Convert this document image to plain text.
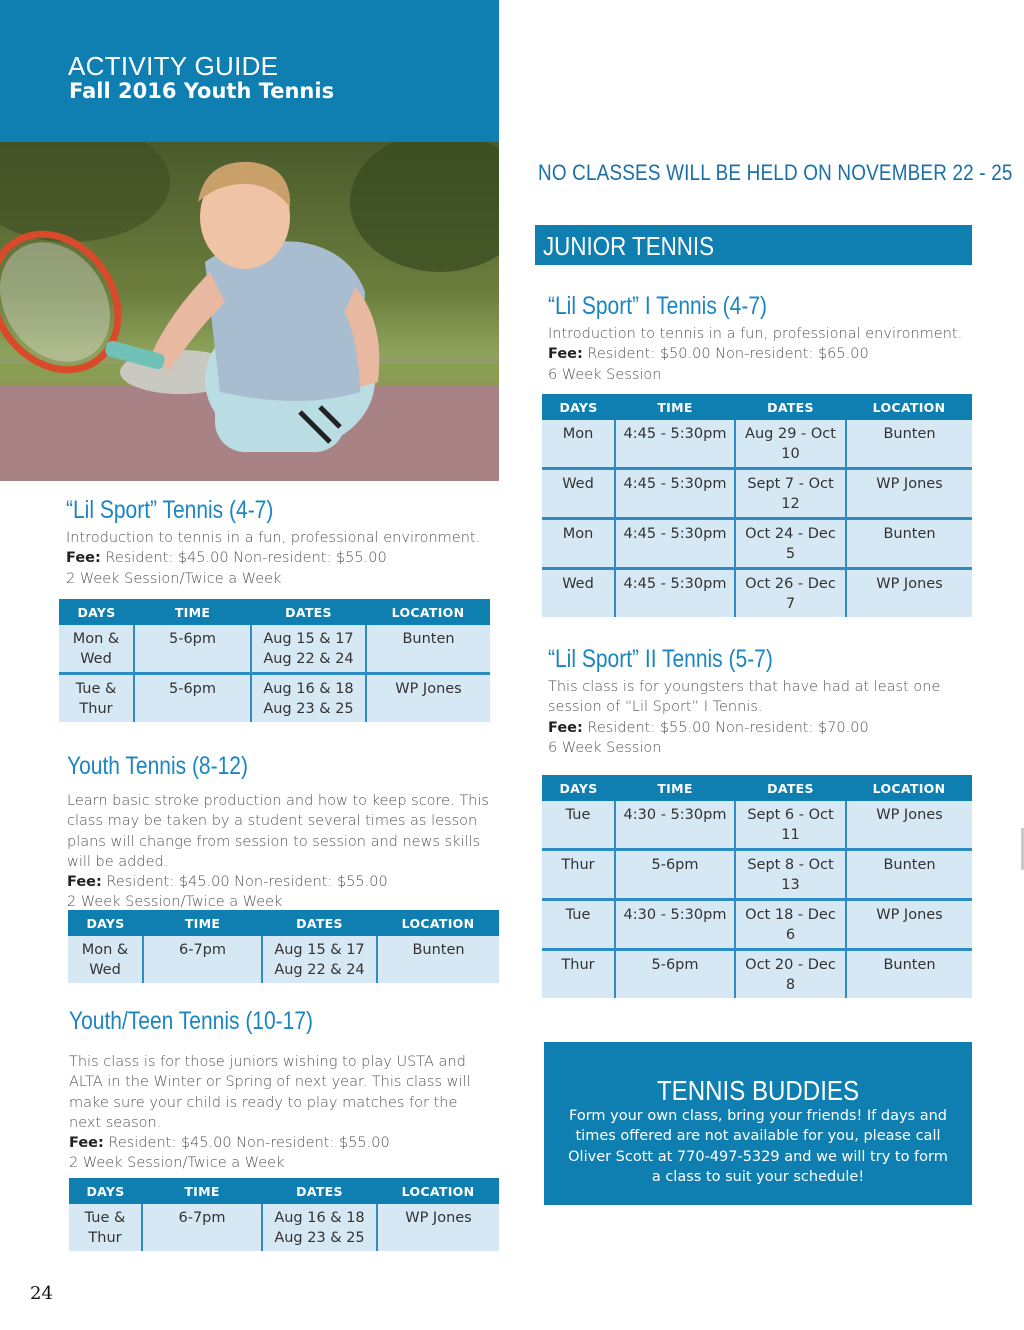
ACTIVITY GUIDE
Fall 2016 Youth Tennis
NO CLASSES WILL BE HELD ON NOVEMBER 22 - 25
JUNIOR TENNIS
“Lil Sport” Tennis (4-7)
Introduction to tennis in a fun, professional environment.
Fee: Resident: $45.00 Non-resident: $55.00
2 Week Session/Twice a Week
DAYS	TIME	DATES	LOCATION
Mon & Wed	5-6pm	Aug 15 & 17 Aug 22 & 24	Bunten
Tue & Thur	5-6pm	Aug 16 & 18 Aug 23 & 25	WP Jones
Youth Tennis (8-12)
Learn basic stroke production and how to keep score. This class may be taken by a student several times as lesson plans will change from session to session and news skills will be added.
Fee: Resident: $45.00 Non-resident: $55.00
2 Week Session/Twice a Week
DAYS	TIME	DATES	LOCATION
Mon & Wed	6-7pm	Aug 15 & 17 Aug 22 & 24	Bunten
Youth/Teen Tennis (10-17)
This class is for those juniors wishing to play USTA and ALTA in the Winter or Spring of next year. This class will make sure your child is ready to play matches for the next season.
Fee: Resident: $45.00 Non-resident: $55.00
2 Week Session/Twice a Week
DAYS	TIME	DATES	LOCATION
Tue & Thur	6-7pm	Aug 16 & 18 Aug 23 & 25	WP Jones
“Lil Sport” I Tennis (4-7)
Introduction to tennis in a fun, professional environment.
Fee: Resident: $50.00 Non-resident: $65.00
6 Week Session
DAYS	TIME	DATES	LOCATION
Mon	4:45 - 5:30pm	Aug 29 - Oct 10	Bunten
Wed	4:45 - 5:30pm	Sept 7 - Oct 12	WP Jones
Mon	4:45 - 5:30pm	Oct 24 - Dec 5	Bunten
Wed	4:45 - 5:30pm	Oct 26 - Dec 7	WP Jones
“Lil Sport” II Tennis (5-7)
This class is for youngsters that have had at least one session of “Lil Sport” I Tennis.
Fee: Resident: $55.00 Non-resident: $70.00
6 Week Session
DAYS	TIME	DATES	LOCATION
Tue	4:30 - 5:30pm	Sept 6 - Oct 11	WP Jones
Thur	5-6pm	Sept 8 - Oct 13	Bunten
Tue	4:30 - 5:30pm	Oct 18 - Dec 6	WP Jones
Thur	5-6pm	Oct 20 - Dec 8	Bunten
TENNIS BUDDIES
Form your own class, bring your friends! If days and times offered are not available for you, please call Oliver Scott at 770-497-5329 and we will try to form a class to suit your schedule!
24
